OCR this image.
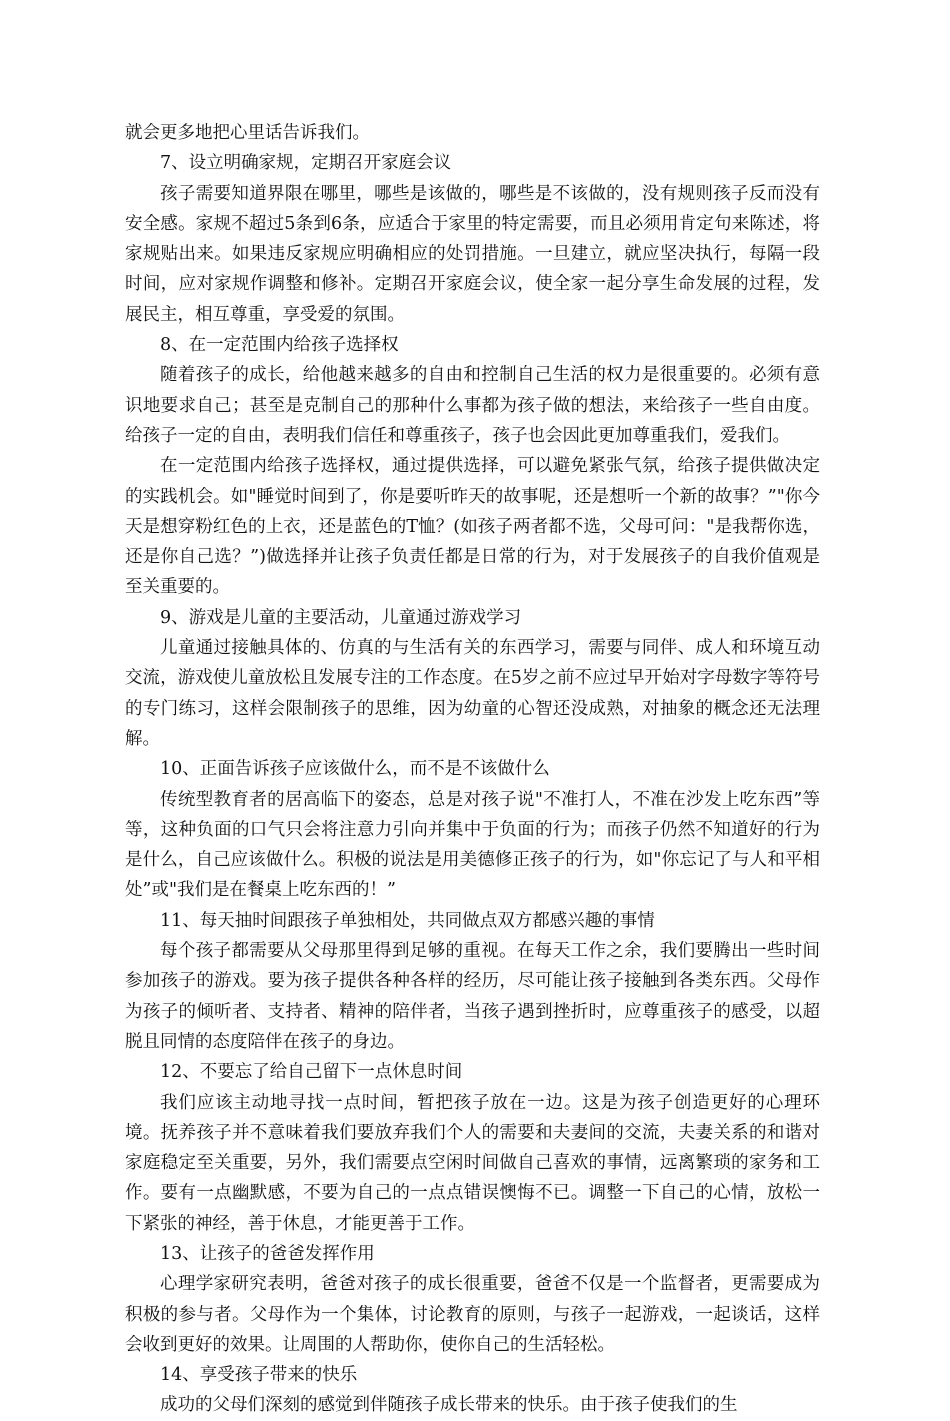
就会更多地把心里话告诉我们。

7、设立明确家规，定期召开家庭会议

孩子需要知道界限在哪里，哪些是该做的，哪些是不该做的，没有规则孩子反而没有安全感。家规不超过5条到6条，应适合于家里的特定需要，而且必须用肯定句来陈述，将家规贴出来。如果违反家规应明确相应的处罚措施。一旦建立，就应坚决执行，每隔一段时间，应对家规作调整和修补。定期召开家庭会议，使全家一起分享生命发展的过程，发展民主，相互尊重，享受爱的氛围。

8、在一定范围内给孩子选择权

随着孩子的成长，给他越来越多的自由和控制自己生活的权力是很重要的。必须有意识地要求自己；甚至是克制自己的那种什么事都为孩子做的想法，来给孩子一些自由度。给孩子一定的自由，表明我们信任和尊重孩子，孩子也会因此更加尊重我们，爱我们。

在一定范围内给孩子选择权，通过提供选择，可以避免紧张气氛，给孩子提供做决定的实践机会。如"睡觉时间到了，你是要听昨天的故事呢，还是想听一个新的故事？”"你今天是想穿粉红色的上衣，还是蓝色的T恤？(如孩子两者都不选，父母可问："是我帮你选，还是你自己选？”)做选择并让孩子负责任都是日常的行为，对于发展孩子的自我价值观是至关重要的。

9、游戏是儿童的主要活动，儿童通过游戏学习

儿童通过接触具体的、仿真的与生活有关的东西学习，需要与同伴、成人和环境互动交流，游戏使儿童放松且发展专注的工作态度。在5岁之前不应过早开始对字母数字等符号的专门练习，这样会限制孩子的思维，因为幼童的心智还没成熟，对抽象的概念还无法理解。

10、正面告诉孩子应该做什么，而不是不该做什么

传统型教育者的居高临下的姿态，总是对孩子说"不准打人，不准在沙发上吃东西”等等，这种负面的口气只会将注意力引向并集中于负面的行为；而孩子仍然不知道好的行为是什么，自己应该做什么。积极的说法是用美德修正孩子的行为，如"你忘记了与人和平相处”或"我们是在餐桌上吃东西的！”

11、每天抽时间跟孩子单独相处，共同做点双方都感兴趣的事情

每个孩子都需要从父母那里得到足够的重视。在每天工作之余，我们要腾出一些时间参加孩子的游戏。要为孩子提供各种各样的经历，尽可能让孩子接触到各类东西。父母作为孩子的倾听者、支持者、精神的陪伴者，当孩子遇到挫折时，应尊重孩子的感受，以超脱且同情的态度陪伴在孩子的身边。

12、不要忘了给自己留下一点休息时间

我们应该主动地寻找一点时间，暂把孩子放在一边。这是为孩子创造更好的心理环境。抚养孩子并不意味着我们要放弃我们个人的需要和夫妻间的交流，夫妻关系的和谐对家庭稳定至关重要，另外，我们需要点空闲时间做自己喜欢的事情，远离繁琐的家务和工作。要有一点幽默感，不要为自己的一点点错误懊悔不已。调整一下自己的心情，放松一下紧张的神经，善于休息，才能更善于工作。

13、让孩子的爸爸发挥作用

心理学家研究表明，爸爸对孩子的成长很重要，爸爸不仅是一个监督者，更需要成为积极的参与者。父母作为一个集体，讨论教育的原则，与孩子一起游戏，一起谈话，这样会收到更好的效果。让周围的人帮助你，使你自己的生活轻松。

14、享受孩子带来的快乐

成功的父母们深刻的感觉到伴随孩子成长带来的快乐。由于孩子使我们的生
